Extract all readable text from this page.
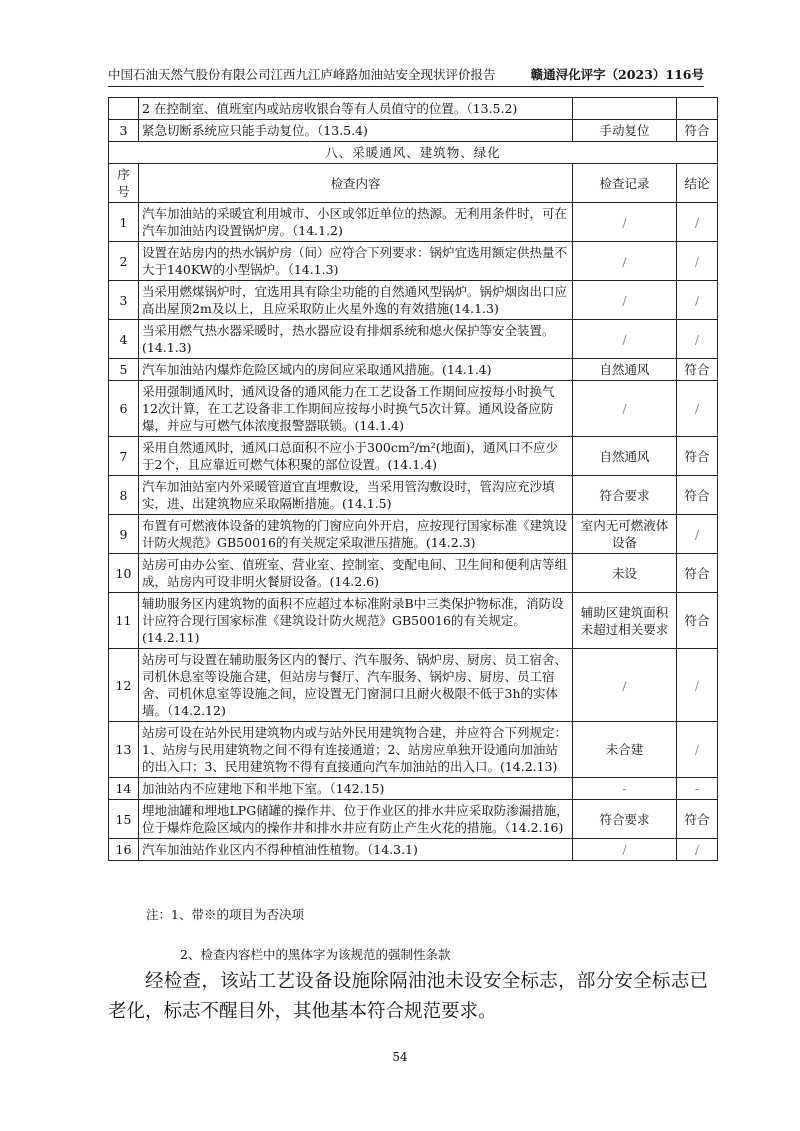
中国石油天然气股份有限公司江西九江庐峰路加油站安全现状评价报告	赣通浔化评字（2023）116号
	2 在控制室、值班室内或站房收银台等有人员值守的位置。（13.5.2)		
3	紧急切断系统应只能手动复位。（13.5.4)	手动复位	符合
八、采暖通风、建筑物、绿化			
序号	检查内容	检查记录	结论
1	汽车加油站的采暖宜利用城市、小区或邻近单位的热源。无利用条件时，可在汽车加油站内设置锅炉房。（14.1.2)	/	/
2	设置在站房内的热水锅炉房（间）应符合下列要求：锅炉宜选用额定供热量不大于140KW的小型锅炉。（14.1.3)	/	/
3	当采用燃煤锅炉时，宜选用具有除尘功能的自然通风型锅炉。锅炉烟囱出口应高出屋顶2m及以上，且应采取防止火星外逸的有效措施(14.1.3)	/	/
4	当采用燃气热水器采暖时，热水器应设有排烟系统和熄火保护等安全装置。(14.1.3)	/	/
5	汽车加油站内爆炸危险区域内的房间应采取通风措施。(14.1.4)	自然通风	符合
6	采用强制通风时，通风设备的通风能力在工艺设备工作期间应按每小时换气12次计算，在工艺设备非工作期间应按每小时换气5次计算。通风设备应防爆，并应与可燃气体浓度报警器联锁。(14.1.4)	/	/
7	采用自然通风时，通风口总面积不应小于300cm²/m²(地面)，通风口不应少于2个，且应靠近可燃气体积聚的部位设置。(14.1.4)	自然通风	符合
8	汽车加油站室内外采暖管道宜直埋敷设，当采用管沟敷设时，管沟应充沙填实，进、出建筑物应采取隔断措施。(14.1.5)	符合要求	符合
9	布置有可燃液体设备的建筑物的门窗应向外开启，应按现行国家标准《建筑设计防火规范》GB50016的有关规定采取泄压措施。(14.2.3)	室内无可燃液体设备	/
10	站房可由办公室、值班室、营业室、控制室、变配电间、卫生间和便利店等组成，站房内可设非明火餐厨设备。(14.2.6)	未设	符合
11	辅助服务区内建筑物的面积不应超过本标准附录B中三类保护物标准，消防设计应符合现行国家标准《建筑设计防火规范》GB50016的有关规定。(14.2.11)	辅助区建筑面积未超过相关要求	符合
12	站房可与设置在辅助服务区内的餐厅、汽车服务、锅炉房、厨房、员工宿舍、司机休息室等设施合建，但站房与餐厅、汽车服务、锅炉房、厨房、员工宿舍、司机休息室等设施之间，应设置无门窗洞口且耐火极限不低于3h的实体墙。（14.2.12)	/	/
13	站房可设在站外民用建筑物内或与站外民用建筑物合建，并应符合下列规定：1、站房与民用建筑物之间不得有连接通道；2、站房应单独开设通向加油站的出入口；3、民用建筑物不得有直接通向汽车加油站的出入口。(14.2.13)	未合建	/
14	加油站内不应建地下和半地下室。（142.15)	-	-
15	埋地油罐和埋地LPG储罐的操作井、位于作业区的排水井应采取防渗漏措施，位于爆炸危险区域内的操作井和排水井应有防止产生火花的措施。（14.2.16)	符合要求	符合
16	汽车加油站作业区内不得种植油性植物。（14.3.1)	/	/

注：1、带※的项目为否决项

2、检查内容栏中的黑体字为该规范的强制性条款

经检查，该站工艺设备设施除隔油池未设安全标志，部分安全标志已老化，标志不醒目外，其他基本符合规范要求。

54
